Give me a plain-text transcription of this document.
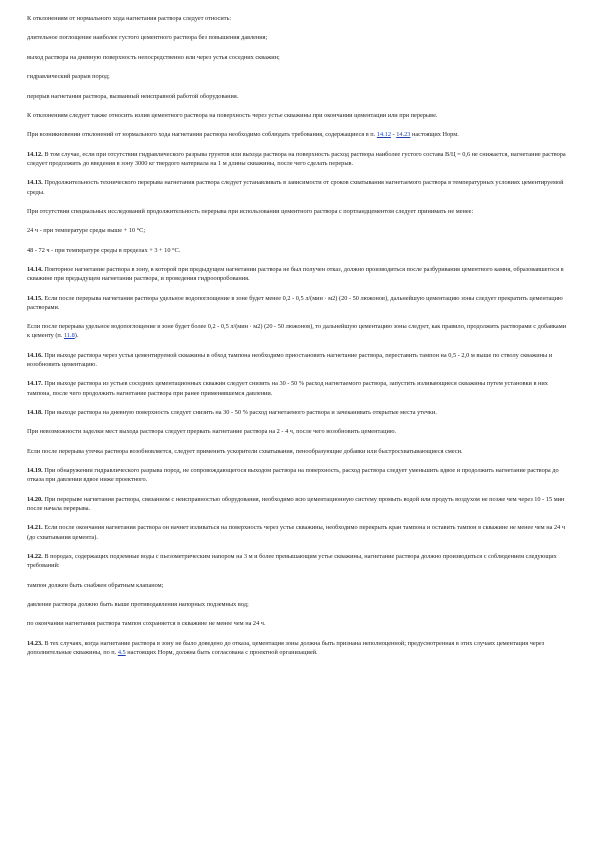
К отклонениям от нормального хода нагнетания раствора следует относить:

длительное поглощение наиболее густого цементного раствора без повышения давления;

выход раствора на дневную поверхность непосредственно или через устья соседних скважин;

гидравлический разрыв пород;

перерыв нагнетания раствора, вызванный неисправной работой оборудования.

К отклонениям следует также относить излив цементного раствора на поверхность через устье скважины при окончании цементации или при перерыве.

При возникновении отклонений от нормального хода нагнетания раствора необходимо соблюдать требования, содержащиеся в п. 14.12 - 14.23 настоящих Норм.

14.12. В том случае, если при отсутствии гидравлического разрыва грунтов или выхода раствора на поверхность расход раствора наиболее густого состава В/Ц = 0,6 не снижается, нагнетание раствора следует продолжить до введения в зону 3000 кг твердого материала на 1 м длины скважины, после чего сделать перерыв.

14.13. Продолжительность технического перерыва нагнетания раствора следует устанавливать в зависимости от сроков схватывания нагнетаемого раствора в температурных условиях цементируемой среды.

При отсутствии специальных исследований продолжительность перерыва при использовании цементного раствора с портландцементом следует принимать не менее:

24 ч - при температуре среды выше + 10 °С;

48 - 72 ч - при температуре среды в пределах + 3 + 10 °С.

14.14. Повторное нагнетание раствора в зону, в которой при предыдущем нагнетании раствора не был получен отказ, должно производиться после разбуривания цементного камня, образовавшегося в скважине при предыдущем нагнетании раствора, и проведения гидроопробования.

14.15. Если после перерыва нагнетания раствора удельное водопоглощение в зоне будет менее 0,2 - 0,5 л/(мин · м2) (20 - 50 люжонов), дальнейшую цементацию зоны следует прекратить цементацию растворами.

Если после перерыва удельное водопоглощение в зоне будет более 0,2 - 0,5 л/(мин · м2) (20 - 50 люжонов), то дальнейшую цементацию зоны следует, как правило, продолжить растворами с добавками к цементу (п. 11.8).

14.16. При выходе раствора через устья цементируемой скважины в обход тампона необходимо приостановить нагнетание раствора, переставить тампон на 0,5 - 2,0 м выше по стволу скважины и возобновить цементацию.

14.17. При выходе раствора из устьев соседних цементационных скважин следует снизить на 30 - 50 % расход нагнетаемого раствора, запустить изливающиеся скважины путем установки в них тампона, после чего продолжить нагнетание раствора при ранее применявшемся давлении.

14.18. При выходе раствора на дневную поверхность следует снизить на 30 - 50 % расход нагнетаемого раствора и зачеканивать открытые места утечки.

При невозможности заделки мест выхода раствора следует прервать нагнетание раствора на 2 - 4 ч, после чего возобновить цементацию.

Если после перерыва утечка раствора возобновляется, следует применить ускорители схватывания, пенообразующие добавки или быстросхватывающиеся смеси.

14.19. При обнаружении гидравлического разрыва пород, не сопровождающегося выходом раствора на поверхность, расход раствора следует уменьшить вдвое и продолжить нагнетание раствора до отказа при давлении вдвое ниже проектного.

14.20. При перерыве нагнетания раствора, связанном с неисправностью оборудования, необходимо всю цементационную систему промыть водой или продуть воздухом не позже чем через 10 - 15 мин после начала перерыва.

14.21. Если после окончания нагнетания раствора он начнет изливаться на поверхность через устье скважины, необходимо перекрыть кран тампона и оставить тампон в скважине не менее чем на 24 ч (до схватывания цемента).

14.22. В породах, содержащих подземные воды с пьезометрическим напором на 3 м и более превышающим устье скважины, нагнетание раствора должно производиться с соблюдением следующих требований:

тампон должен быть снабжен обратным клапаном;

давление раствора должно быть выше противодавления напорных подземных вод;

по окончании нагнетания раствора тампон сохраняется в скважине не менее чем на 24 ч.

14.23. В тех случаях, когда нагнетание раствора в зону не было доведено до отказа, цементация зоны должна быть признана неполноценной; предусмотренная в этих случаях цементация через дополнительные скважины, по п. 4.5 настоящих Норм, должна быть согласована с проектной организацией.
